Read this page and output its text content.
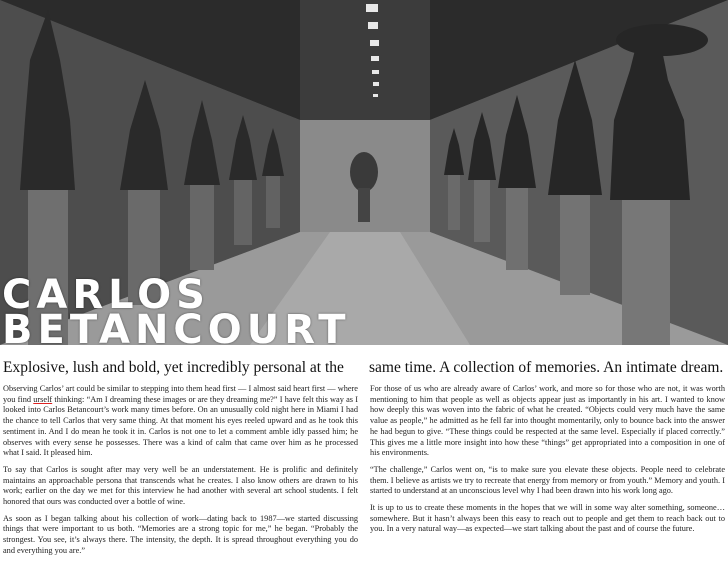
CARLOS
BETANCOURT
Explosive, lush and bold, yet incredibly personal at the same time. A collection of memories. An intimate dream.

Observing Carlos’ art could be similar to stepping into them head first — I almost said heart first — where you find urself thinking: “Am I dreaming these images or are they dreaming me?” I have felt this way as I looked into Carlos Betancourt’s work many times before. On an unusually cold night here in Miami I had the chance to tell Carlos that very same thing. At that moment his eyes reeled upward and as he took this sentiment in. And I do mean he took it in. Carlos is not one to let a comment amble idly passed him; he observes with every sense he possesses. There was a kind of calm that came over him as he processed what I said. It pleased him.

To say that Carlos is sought after may very well be an understatement. He is prolific and definitely maintains an approachable persona that transcends what he creates. I also know others are drawn to his work; earlier on the day we met for this interview he had another with several art school students. I felt honored that ours was conducted over a bottle of wine.

As soon as I began talking about his collection of work—dating back to 1987—we started discussing things that were important to us both. “Memories are a strong topic for me,” he began. “Probably the strongest. You see, it’s always there. The intensity, the depth. It is spread throughout everything you do and everything you are.”

For those of us who are already aware of Carlos’ work, and more so for those who are not, it was worth mentioning to him that people as well as objects appear just as importantly in his art. I wanted to know how deeply this was woven into the fabric of what he created. “Objects could very much have the same value as people,” he admitted as he fell far into thought momentarily, only to bounce back into the answer he had begun to give. “These things could be respected at the same level. Especially if placed correctly.” This gives me a little more insight into how these “things” get appropriated into a composition in one of his environments.

“The challenge,” Carlos went on, “is to make sure you elevate these objects. People need to celebrate them. I believe as artists we try to recreate that energy from memory or from youth.” Memory and youth. I started to understand at an unconscious level why I had been drawn into his work long ago.

It is up to us to create these moments in the hopes that we will in some way alter something, someone… somewhere. But it hasn’t always been this easy to reach out to people and get them to reach back out to you. In a very natural way—as expected—we start talking about the past and of course the future.
